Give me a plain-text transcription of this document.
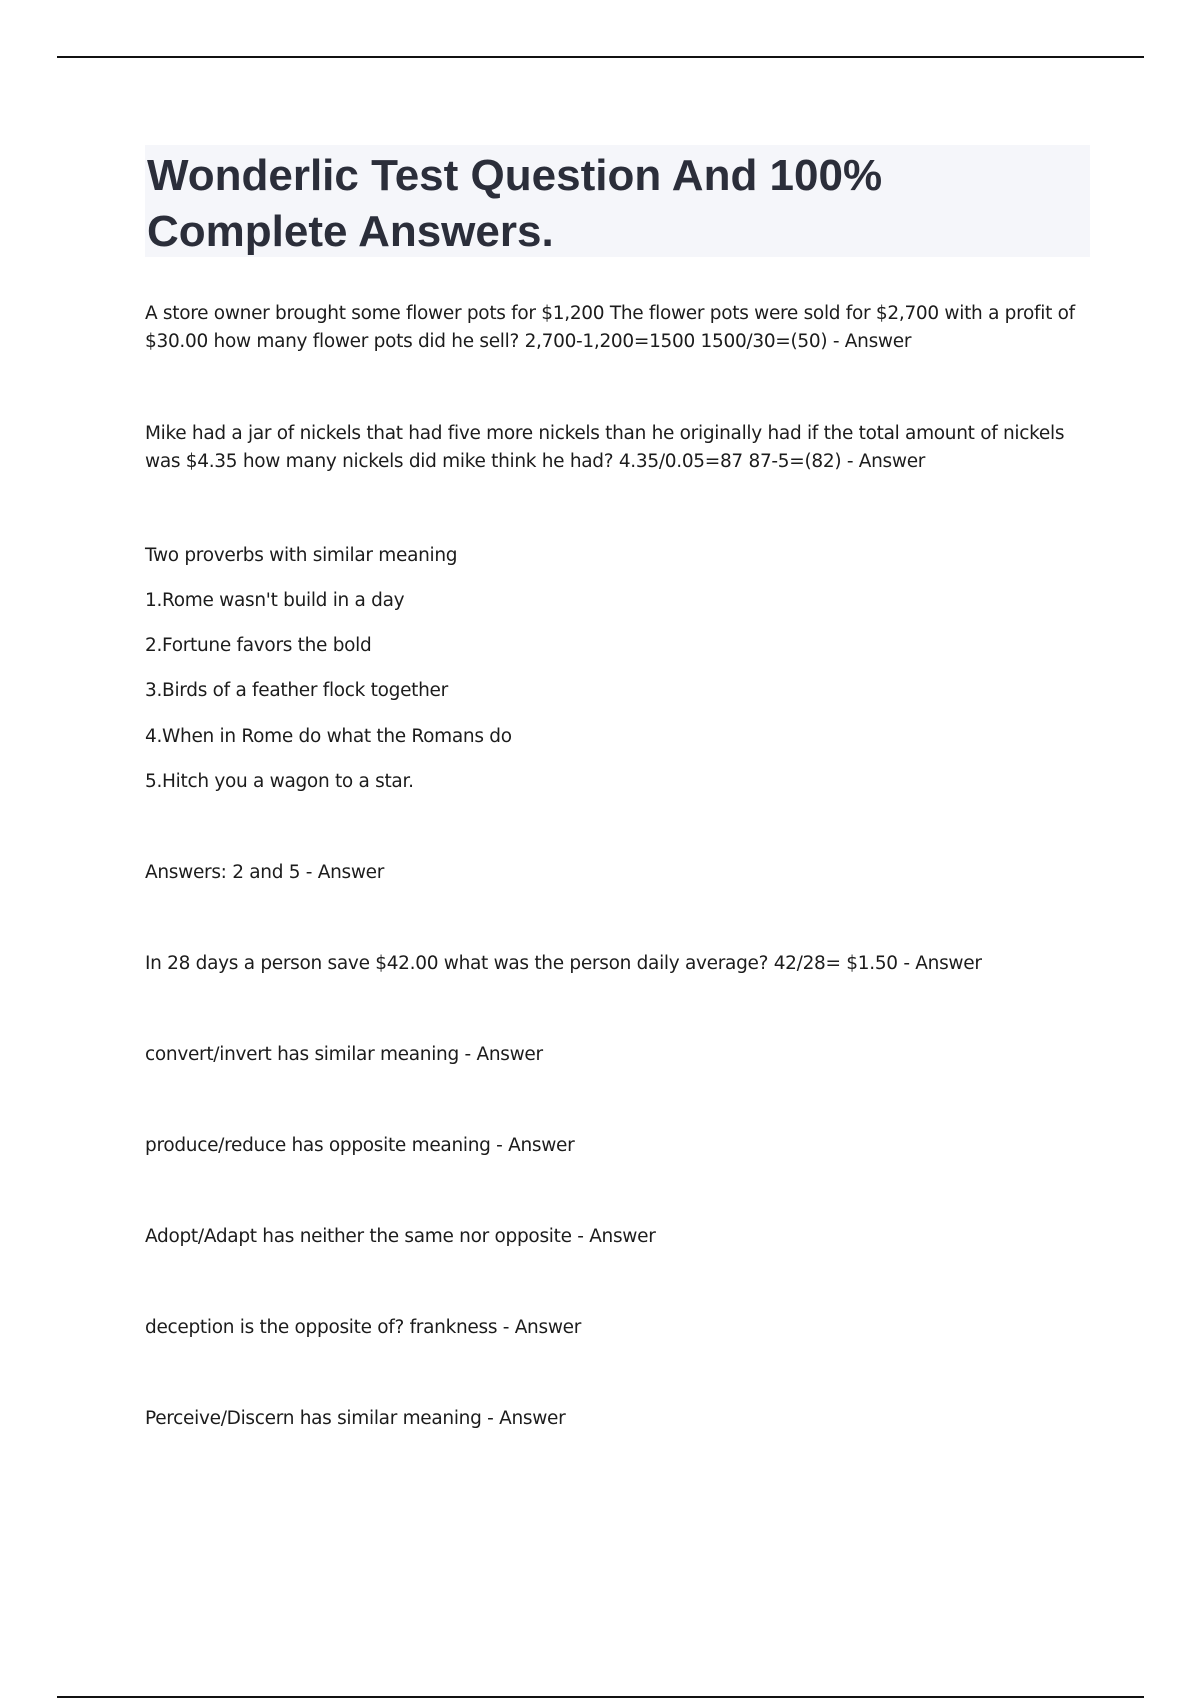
Wonderlic Test Question And 100% Complete Answers.

A store owner brought some flower pots for $1,200 The flower pots were sold for $2,700 with a profit of $30.00 how many flower pots did he sell? 2,700-1,200=1500 1500/30=(50) - Answer

Mike had a jar of nickels that had five more nickels than he originally had if the total amount of nickels was $4.35 how many nickels did mike think he had? 4.35/0.05=87 87-5=(82) - Answer

Two proverbs with similar meaning

1.Rome wasn't build in a day

2.Fortune favors the bold

3.Birds of a feather flock together

4.When in Rome do what the Romans do

5.Hitch you a wagon to a star.

Answers: 2 and 5 - Answer

In 28 days a person save $42.00 what was the person daily average? 42/28= $1.50 - Answer

convert/invert has similar meaning - Answer

produce/reduce has opposite meaning - Answer

Adopt/Adapt has neither the same nor opposite - Answer

deception is the opposite of? frankness - Answer

Perceive/Discern has similar meaning - Answer
